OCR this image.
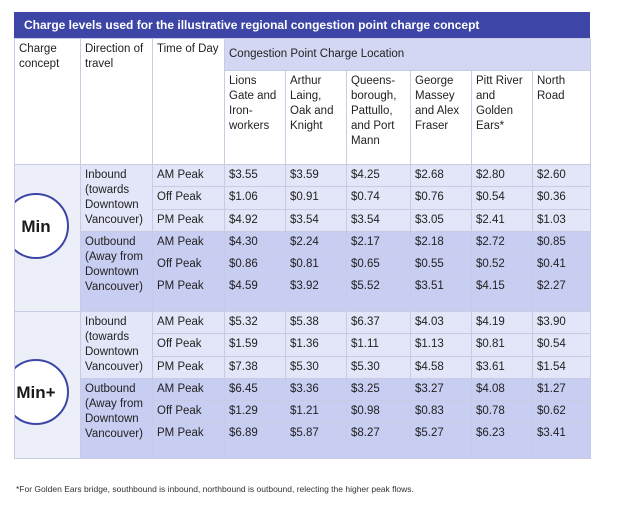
Charge levels used for the illustrative regional congestion point charge concept
Charge concept	Direction of travel	Time of Day	Congestion Point Charge Location					
			Lions Gate and Iron-workers	Arthur Laing, Oak and Knight	Queens-borough, Pattullo, and Port Mann	George Massey and Alex Fraser	Pitt River and Golden Ears*	North Road

Min	Inbound (towards Downtown Vancouver)	AM Peak	$3.55	$3.59	$4.25	$2.68	$2.80	$2.60
		Off Peak	$1.06	$0.91	$0.74	$0.76	$0.54	$0.36
		PM Peak	$4.92	$3.54	$3.54	$3.05	$2.41	$1.03
	Outbound (Away from Downtown Vancouver)	AM Peak	$4.30	$2.24	$2.17	$2.18	$2.72	$0.85
		Off Peak	$0.86	$0.81	$0.65	$0.55	$0.52	$0.41
		PM Peak	$4.59	$3.92	$5.52	$3.51	$4.15	$2.27

Min+	Inbound (towards Downtown Vancouver)	AM Peak	$5.32	$5.38	$6.37	$4.03	$4.19	$3.90
		Off Peak	$1.59	$1.36	$1.11	$1.13	$0.81	$0.54
		PM Peak	$7.38	$5.30	$5.30	$4.58	$3.61	$1.54
	Outbound (Away from Downtown Vancouver)	AM Peak	$6.45	$3.36	$3.25	$3.27	$4.08	$1.27
		Off Peak	$1.29	$1.21	$0.98	$0.83	$0.78	$0.62
		PM Peak	$6.89	$5.87	$8.27	$5.27	$6.23	$3.41
*For Golden Ears bridge, southbound is inbound, northbound is outbound, relecting the higher peak flows.
